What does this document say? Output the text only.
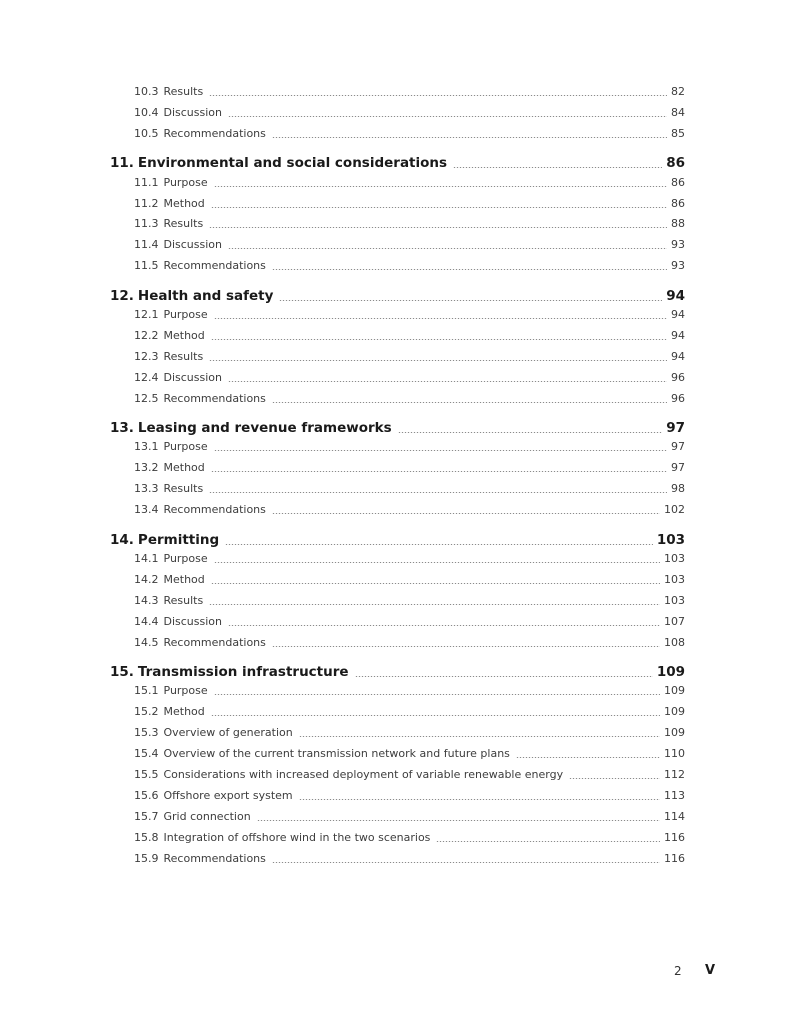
10.3 Results	82
10.4 Discussion	84
10.5 Recommendations	85
11. Environmental and social considerations	86
11.1 Purpose	86
11.2 Method	86
11.3 Results	88
11.4 Discussion	93
11.5 Recommendations	93
12. Health and safety	94
12.1 Purpose	94
12.2 Method	94
12.3 Results	94
12.4 Discussion	96
12.5 Recommendations	96
13. Leasing and revenue frameworks	97
13.1 Purpose	97
13.2 Method	97
13.3 Results	98
13.4 Recommendations	102
14. Permitting	103
14.1 Purpose	103
14.2 Method	103
14.3 Results	103
14.4 Discussion	107
14.5 Recommendations	108
15. Transmission infrastructure	109
15.1 Purpose	109
15.2 Method	109
15.3 Overview of generation	109
15.4 Overview of the current transmission network and future plans	110
15.5 Considerations with increased deployment of variable renewable energy	112
15.6 Offshore export system	113
15.7 Grid connection	114
15.8 Integration of offshore wind in the two scenarios	116
15.9 Recommendations	116
2 V
